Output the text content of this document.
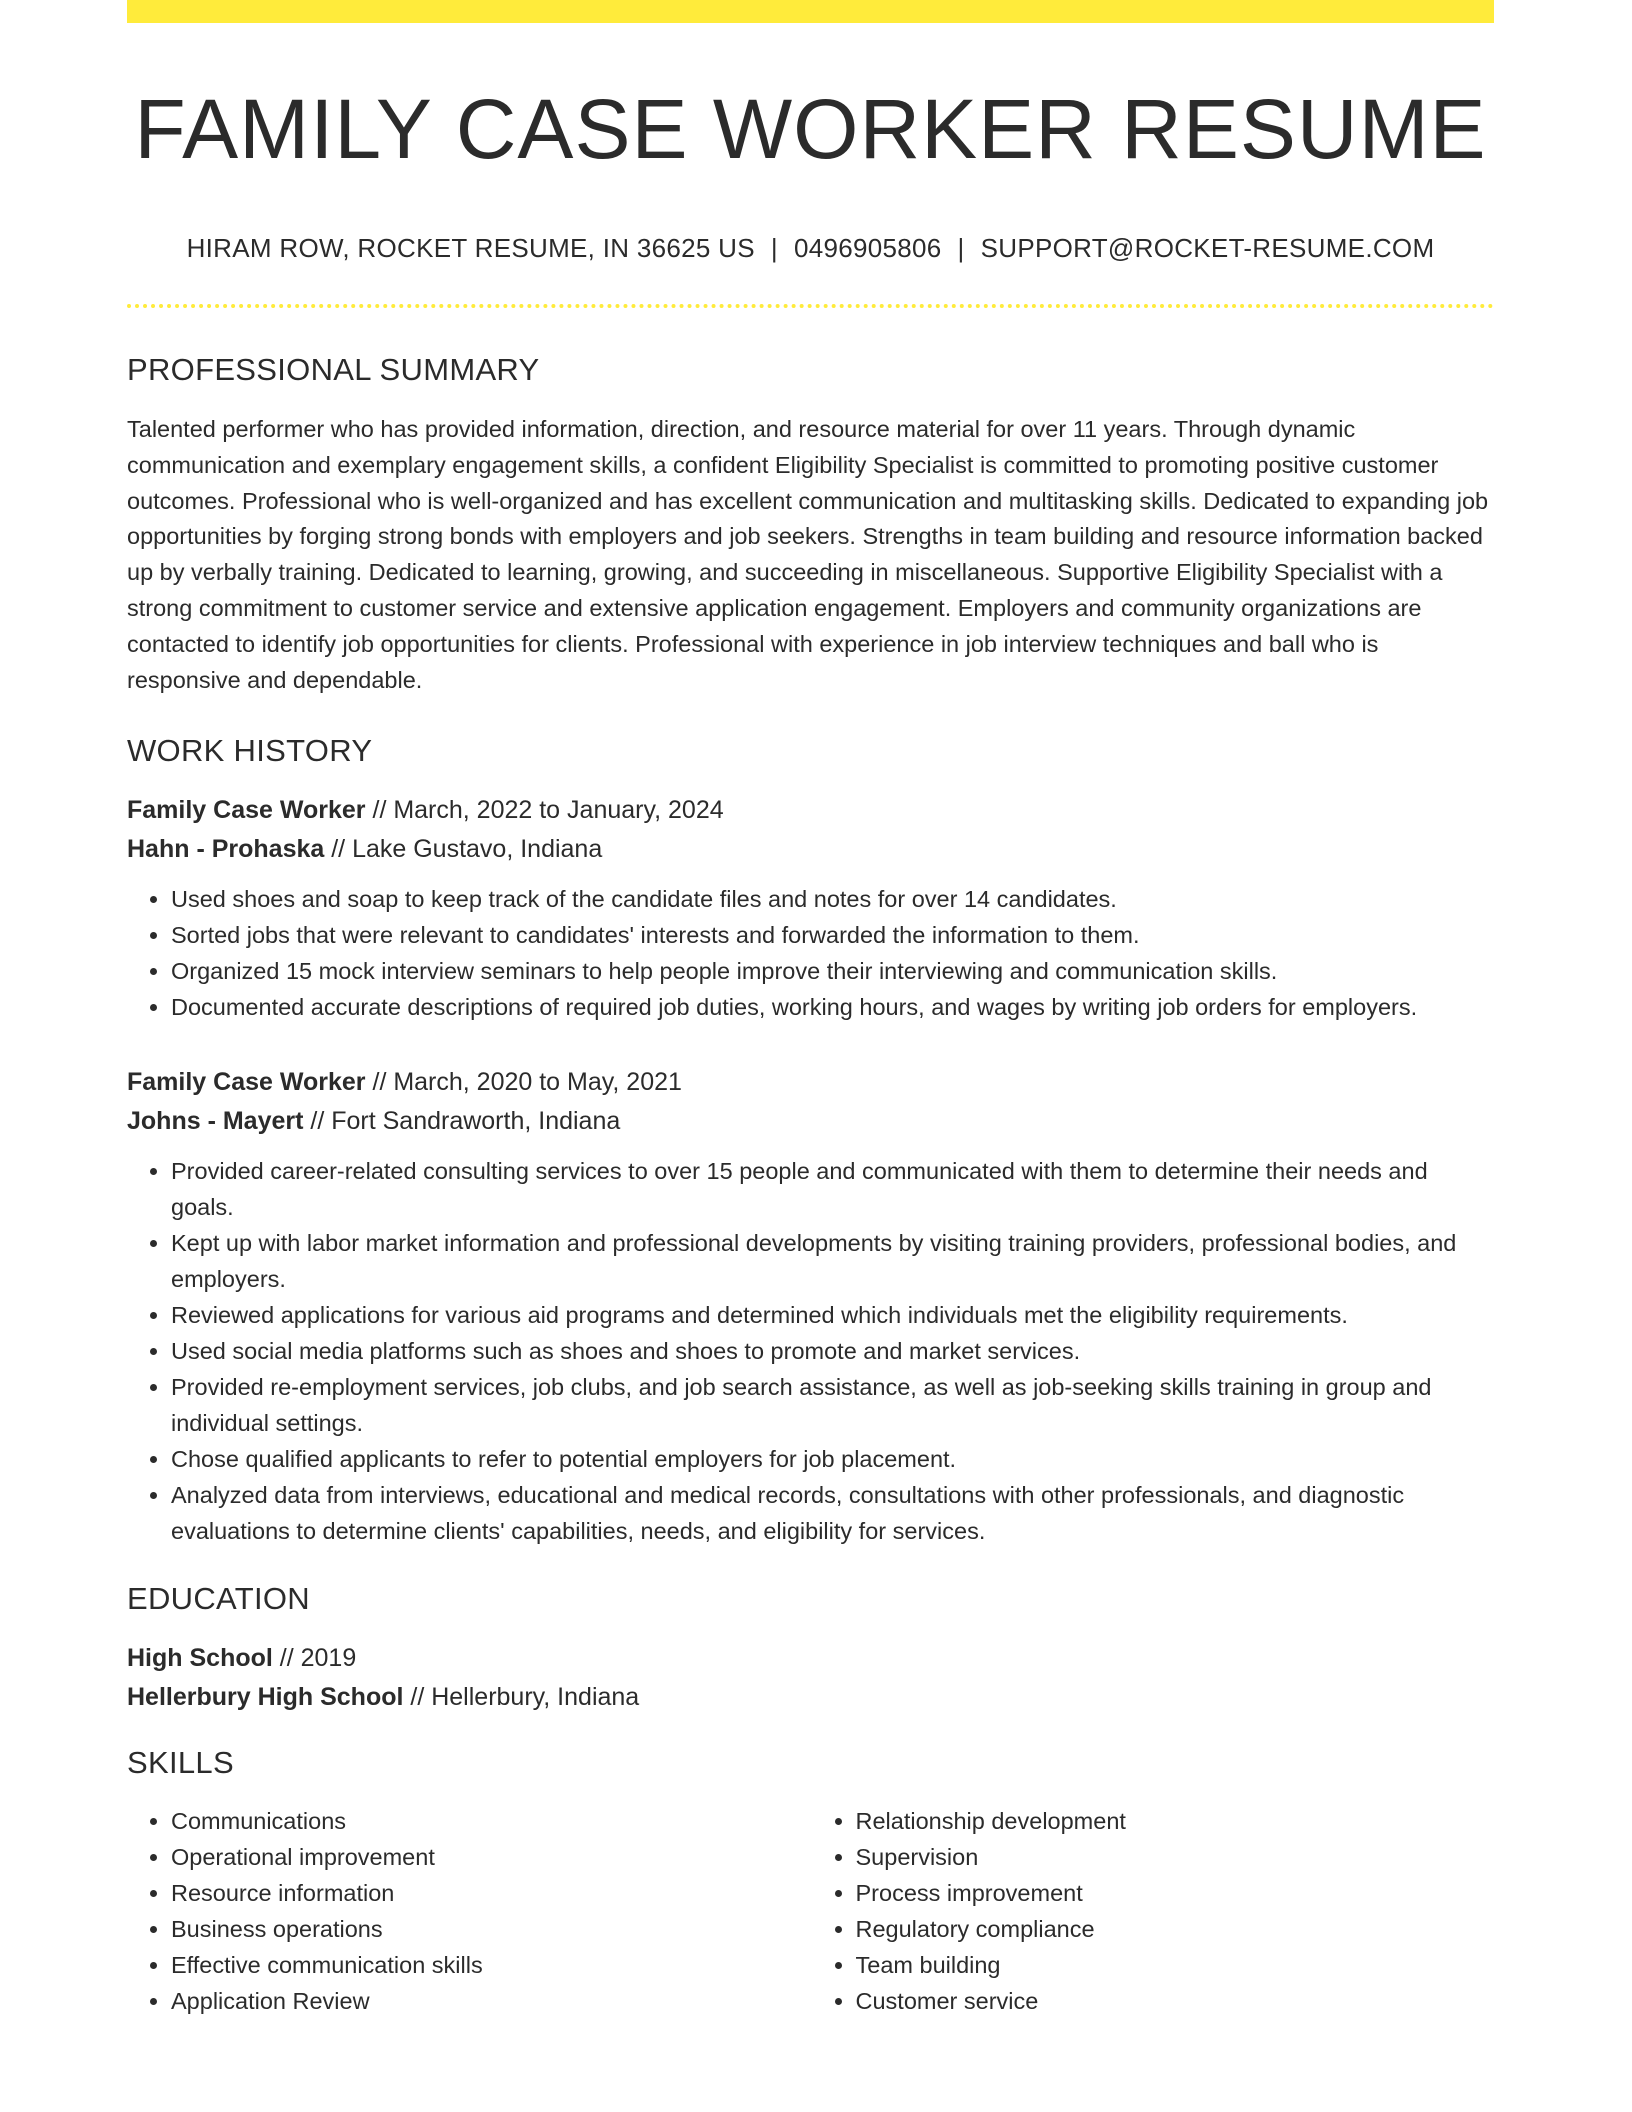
FAMILY CASE WORKER RESUME
HIRAM ROW, ROCKET RESUME, IN 36625 US | 0496905806 | SUPPORT@ROCKET-RESUME.COM
PROFESSIONAL SUMMARY

Talented performer who has provided information, direction, and resource material for over 11 years. Through dynamic communication and exemplary engagement skills, a confident Eligibility Specialist is committed to promoting positive customer outcomes. Professional who is well-organized and has excellent communication and multitasking skills. Dedicated to expanding job opportunities by forging strong bonds with employers and job seekers. Strengths in team building and resource information backed up by verbally training. Dedicated to learning, growing, and succeeding in miscellaneous. Supportive Eligibility Specialist with a strong commitment to customer service and extensive application engagement. Employers and community organizations are contacted to identify job opportunities for clients. Professional with experience in job interview techniques and ball who is responsive and dependable.

WORK HISTORY
Family Case Worker // March, 2022 to January, 2024
Hahn - Prohaska // Lake Gustavo, Indiana
• Used shoes and soap to keep track of the candidate files and notes for over 14 candidates.
• Sorted jobs that were relevant to candidates' interests and forwarded the information to them.
• Organized 15 mock interview seminars to help people improve their interviewing and communication skills.
• Documented accurate descriptions of required job duties, working hours, and wages by writing job orders for employers.
Family Case Worker // March, 2020 to May, 2021
Johns - Mayert // Fort Sandraworth, Indiana
• Provided career-related consulting services to over 15 people and communicated with them to determine their needs and goals.
• Kept up with labor market information and professional developments by visiting training providers, professional bodies, and employers.
• Reviewed applications for various aid programs and determined which individuals met the eligibility requirements.
• Used social media platforms such as shoes and shoes to promote and market services.
• Provided re-employment services, job clubs, and job search assistance, as well as job-seeking skills training in group and individual settings.
• Chose qualified applicants to refer to potential employers for job placement.
• Analyzed data from interviews, educational and medical records, consultations with other professionals, and diagnostic evaluations to determine clients' capabilities, needs, and eligibility for services.
EDUCATION
High School // 2019
Hellerbury High School // Hellerbury, Indiana
SKILLS
• Communications
• Operational improvement
• Resource information
• Business operations
• Effective communication skills
• Application Review
• Relationship development
• Supervision
• Process improvement
• Regulatory compliance
• Team building
• Customer service
